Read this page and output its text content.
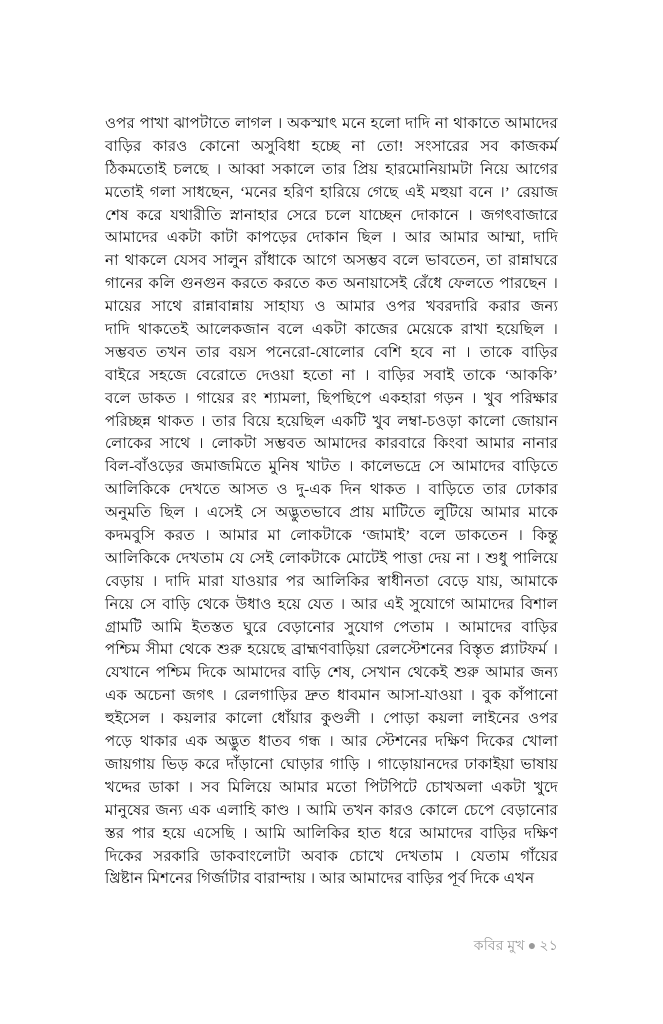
ওপর পাখা ঝাপটাতে লাগল । অকস্মাৎ মনে হলো দাদি না থাকাতে আমাদের
বাড়ির কারও কোনো অসুবিধা হচ্ছে না তো! সংসারের সব কাজকর্ম
ঠিকমতোই চলছে । আব্বা সকালে তার প্রিয় হারমোনিয়ামটা নিয়ে আগের
মতোই গলা সাধছেন, ‘মনের হরিণ হারিয়ে গেছে এই মহুয়া বনে ।’ রেয়াজ
শেষ করে যথারীতি স্নানাহার সেরে চলে যাচ্ছেন দোকানে । জগৎবাজারে
আমাদের একটা কাটা কাপড়ের দোকান ছিল । আর আমার আম্মা, দাদি
না থাকলে যেসব সালুন রাঁধাকে আগে অসম্ভব বলে ভাবতেন, তা রান্নাঘরে
গানের কলি গুনগুন করতে করতে কত অনায়াসেই রেঁধে ফেলতে পারছেন ।
মায়ের সাথে রান্নাবান্নায় সাহায্য ও আমার ওপর খবরদারি করার জন্য
দাদি থাকতেই আলেকজান বলে একটা কাজের মেয়েকে রাখা হয়েছিল ।
সম্ভবত তখন তার বয়স পনেরো-ষোলোর বেশি হবে না । তাকে বাড়ির
বাইরে সহজে বেরোতে দেওয়া হতো না । বাড়ির সবাই তাকে ‘আককি’
বলে ডাকত । গায়ের রং শ্যামলা, ছিপছিপে একহারা গড়ন । খুব পরিক্ষার
পরিচ্ছন্ন থাকত । তার বিয়ে হয়েছিল একটি খুব লম্বা-চওড়া কালো জোয়ান
লোকের সাথে । লোকটা সম্ভবত আমাদের কারবারে কিংবা আমার নানার
বিল-বাঁওড়ের জমাজমিতে মুনিষ খাটত । কালেভদ্রে সে আমাদের বাড়িতে
আলিকিকে দেখতে আসত ও দু-এক দিন থাকত । বাড়িতে তার ঢোকার
অনুমতি ছিল । এসেই সে অদ্ভুতভাবে প্রায় মাটিতে লুটিয়ে আমার মাকে
কদমবুসি করত । আমার মা লোকটাকে ‘জামাই’ বলে ডাকতেন । কিন্তু
আলিকিকে দেখতাম যে সেই লোকটাকে মোটেই পাত্তা দেয় না । শুধু পালিয়ে
বেড়ায় । দাদি মারা যাওয়ার পর আলিকির স্বাধীনতা বেড়ে যায়, আমাকে
নিয়ে সে বাড়ি থেকে উধাও হয়ে যেত । আর এই সুযোগে আমাদের বিশাল
গ্রামটি আমি ইতস্তত ঘুরে বেড়ানোর সুযোগ পেতাম । আমাদের বাড়ির
পশ্চিম সীমা থেকে শুরু হয়েছে ব্রাহ্মণবাড়িয়া রেলস্টেশনের বিস্তৃত প্ল্যাটফর্ম ।
যেখানে পশ্চিম দিকে আমাদের বাড়ি শেষ, সেখান থেকেই শুরু আমার জন্য
এক অচেনা জগৎ । রেলগাড়ির দ্রুত ধাবমান আসা-যাওয়া । বুক কাঁপানো
হুইসেল । কয়লার কালো ধোঁয়ার কুণ্ডলী । পোড়া কয়লা লাইনের ওপর
পড়ে থাকার এক অদ্ভুত ধাতব গন্ধ । আর স্টেশনের দক্ষিণ দিকের খোলা
জায়গায় ভিড় করে দাঁড়ানো ঘোড়ার গাড়ি । গাড়োয়ানদের ঢাকাইয়া ভাষায়
খদ্দের ডাকা । সব মিলিয়ে আমার মতো পিটপিটে চোখঅলা একটা খুদে
মানুষের জন্য এক এলাহি কাণ্ড । আমি তখন কারও কোলে চেপে বেড়ানোর
স্তর পার হয়ে এসেছি । আমি আলিকির হাত ধরে আমাদের বাড়ির দক্ষিণ
দিকের সরকারি ডাকবাংলোটা অবাক চোখে দেখতাম । যেতাম গাঁয়ের
খ্রিষ্টান মিশনের গির্জাটার বারান্দায় । আর আমাদের বাড়ির পূর্ব দিকে এখন
কবির মুখ ● ২১
